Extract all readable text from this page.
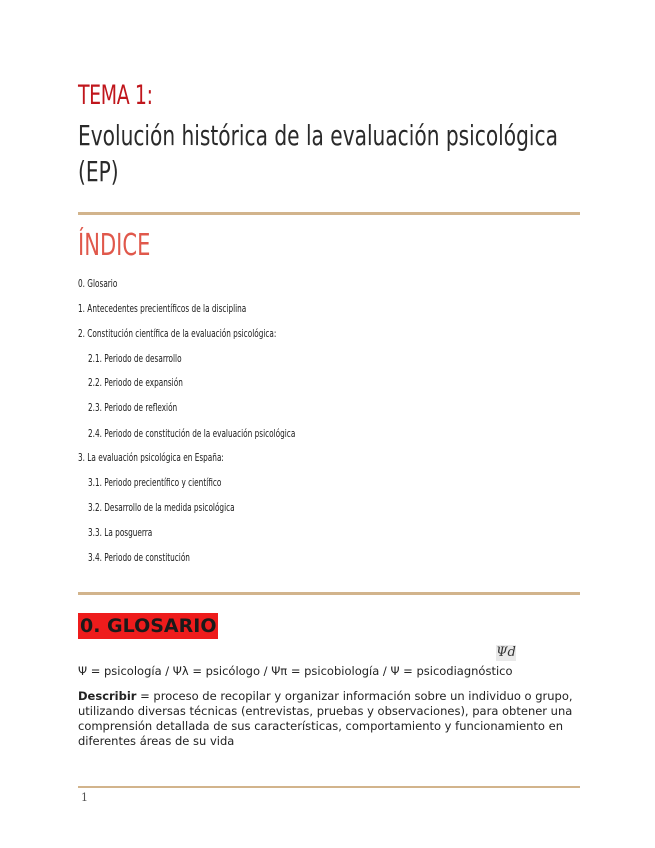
TEMA 1:
Evolución histórica de la evaluación psicológica
(EP)
ÍNDICE
0. Glosario
1. Antecedentes precientíficos de la disciplina
2. Constitución científica de la evaluación psicológica:
2.1. Periodo de desarrollo
2.2. Periodo de expansión
2.3. Periodo de reflexión
2.4. Periodo de constitución de la evaluación psicológica
3. La evaluación psicológica en España:
3.1. Periodo precientífico y científico
3.2. Desarrollo de la medida psicológica
3.3. La posguerra
3.4. Periodo de constitución
0. GLOSARIO
Ψd
Ψ = psicología / Ψλ = psicólogo / Ψπ = psicobiología / Ψ = psicodiagnóstico
Describir = proceso de recopilar y organizar información sobre un individuo o grupo, utilizando diversas técnicas (entrevistas, pruebas y observaciones), para obtener una comprensión detallada de sus características, comportamiento y funcionamiento en diferentes áreas de su vida
1
